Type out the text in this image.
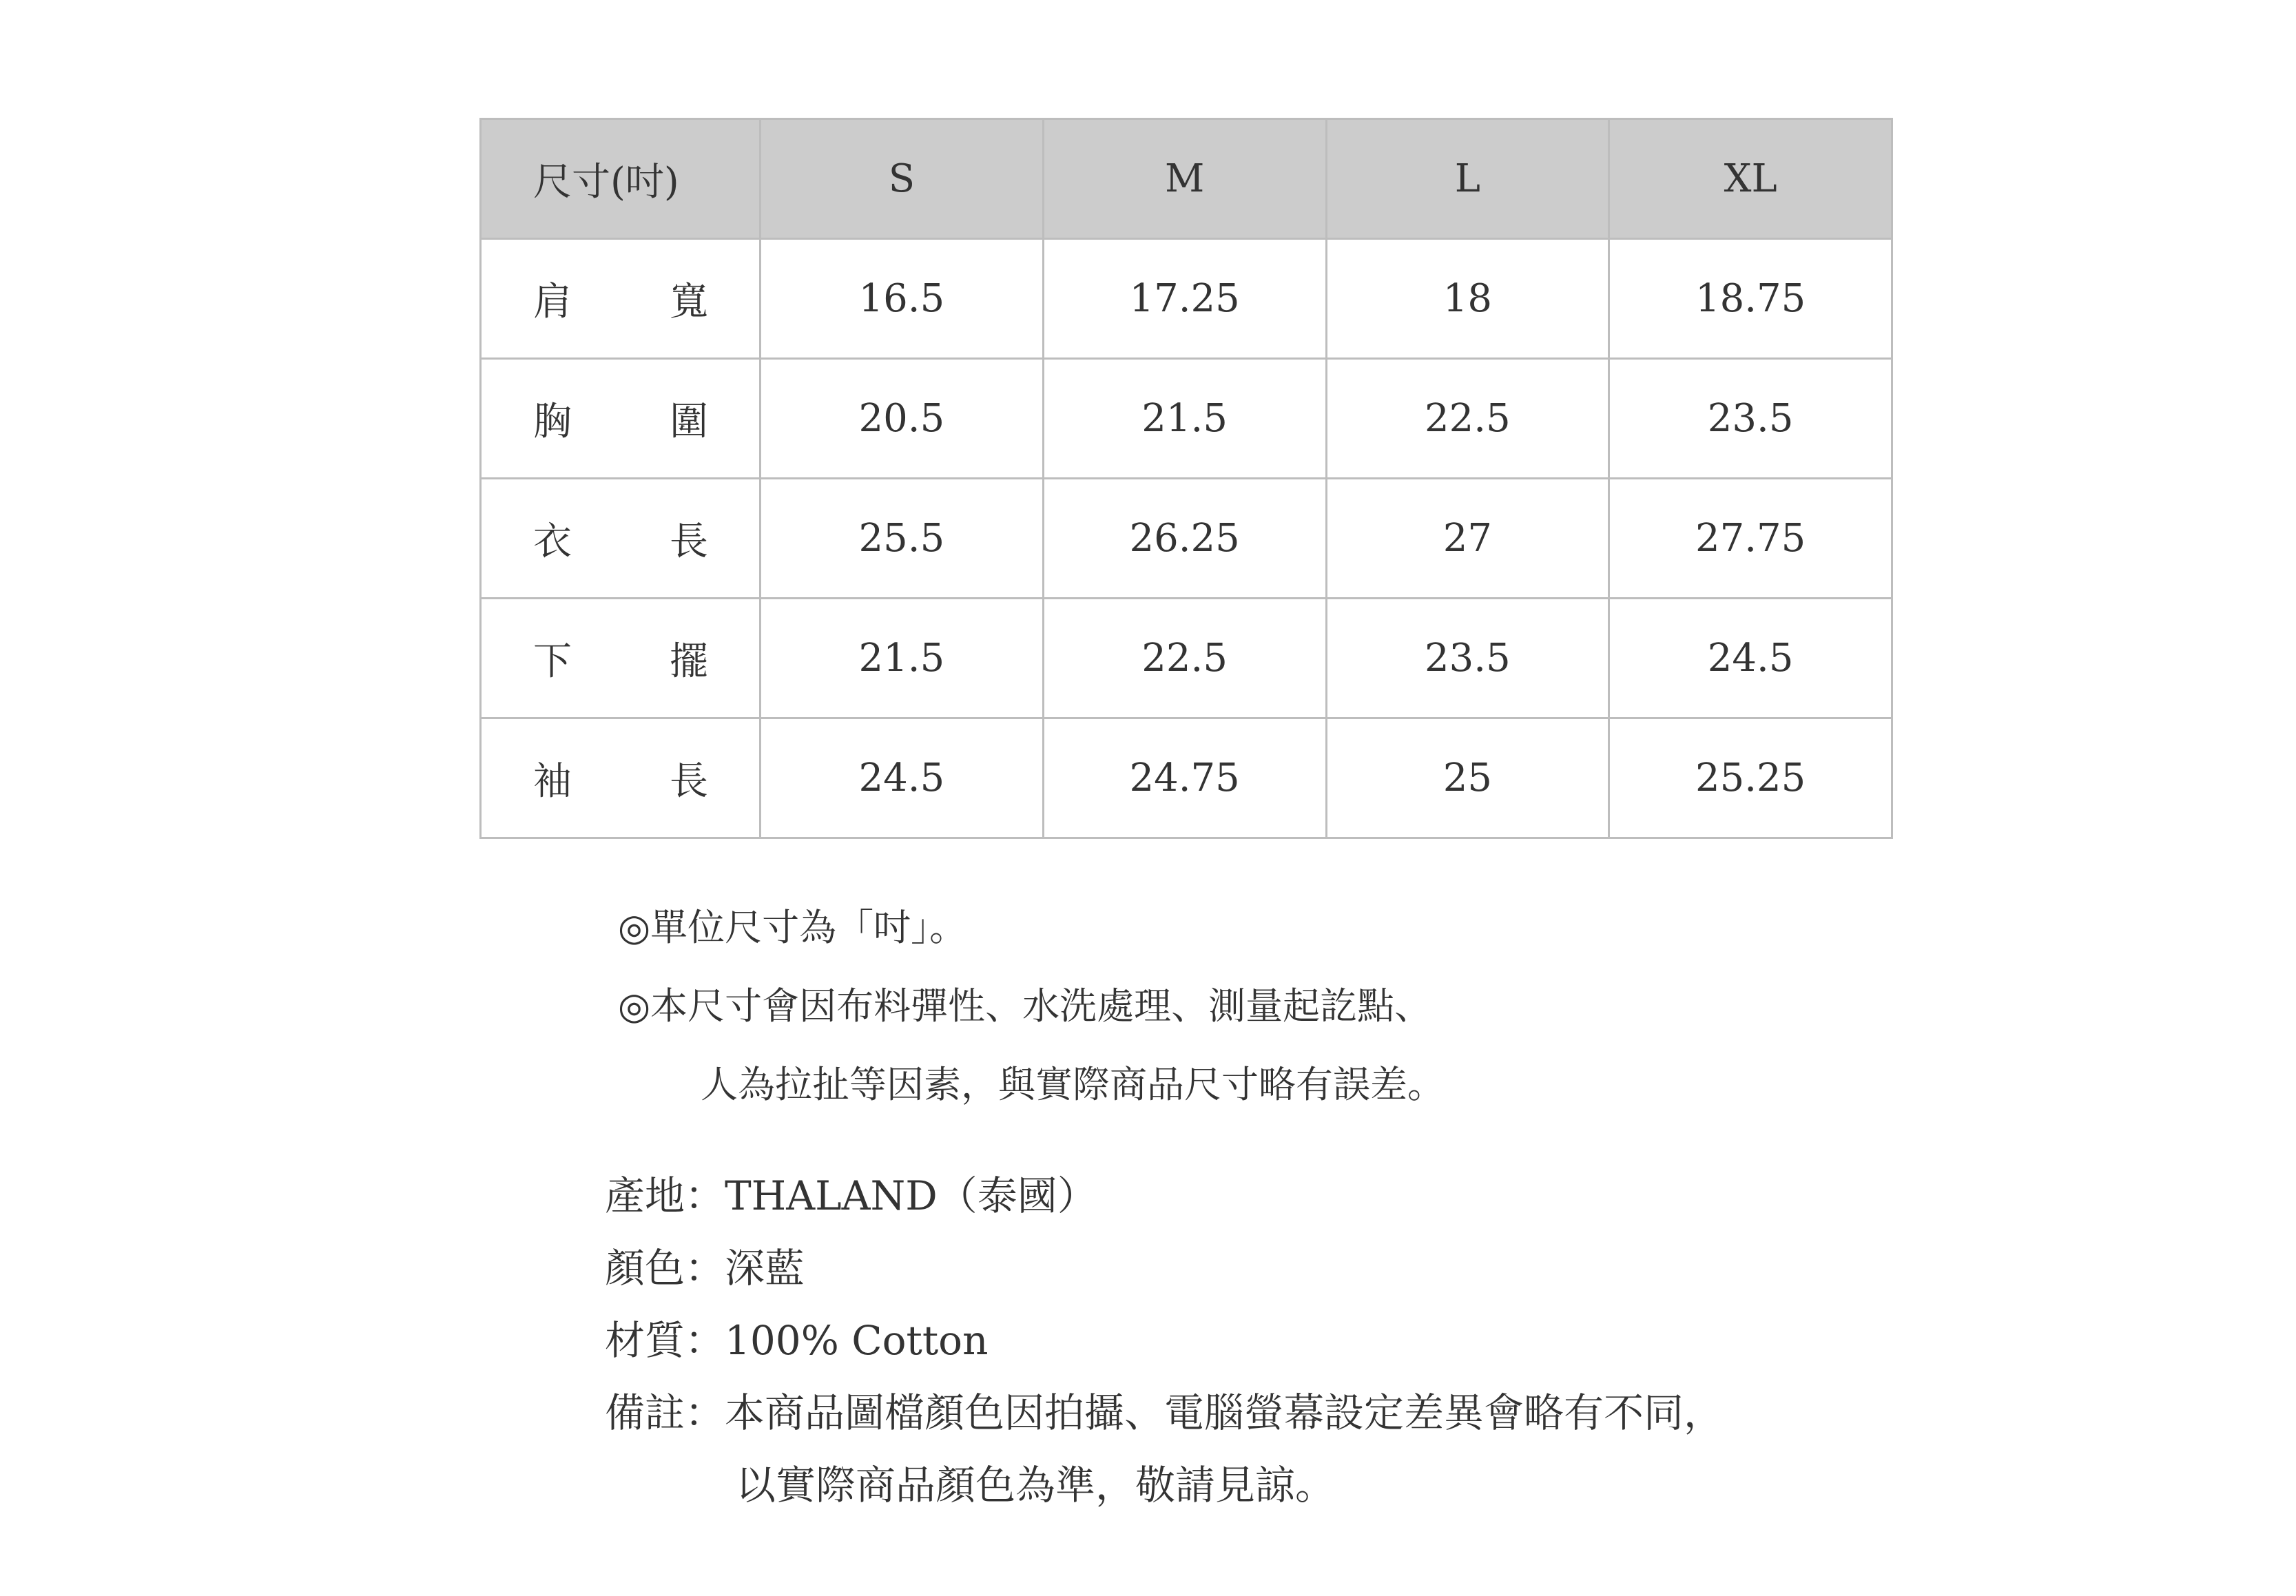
尺寸(吋)	S	M	L	XL

肩 寬	16.5	17.25	18	18.75

胸 圍	20.5	21.5	22.5	23.5

衣 長	25.5	26.25	27	27.75

下 擺	21.5	22.5	23.5	24.5

袖 長	24.5	24.75	25	25.25
◎單位尺寸為「吋」。
◎本尺寸會因布料彈性、水洗處理、測量起訖點、
人為拉扯等因素，與實際商品尺寸略有誤差。
產地：THALAND（泰國）
顏色：深藍
材質：100% Cotton
備註：本商品圖檔顏色因拍攝、電腦螢幕設定差異會略有不同，
以實際商品顏色為準，敬請見諒。
